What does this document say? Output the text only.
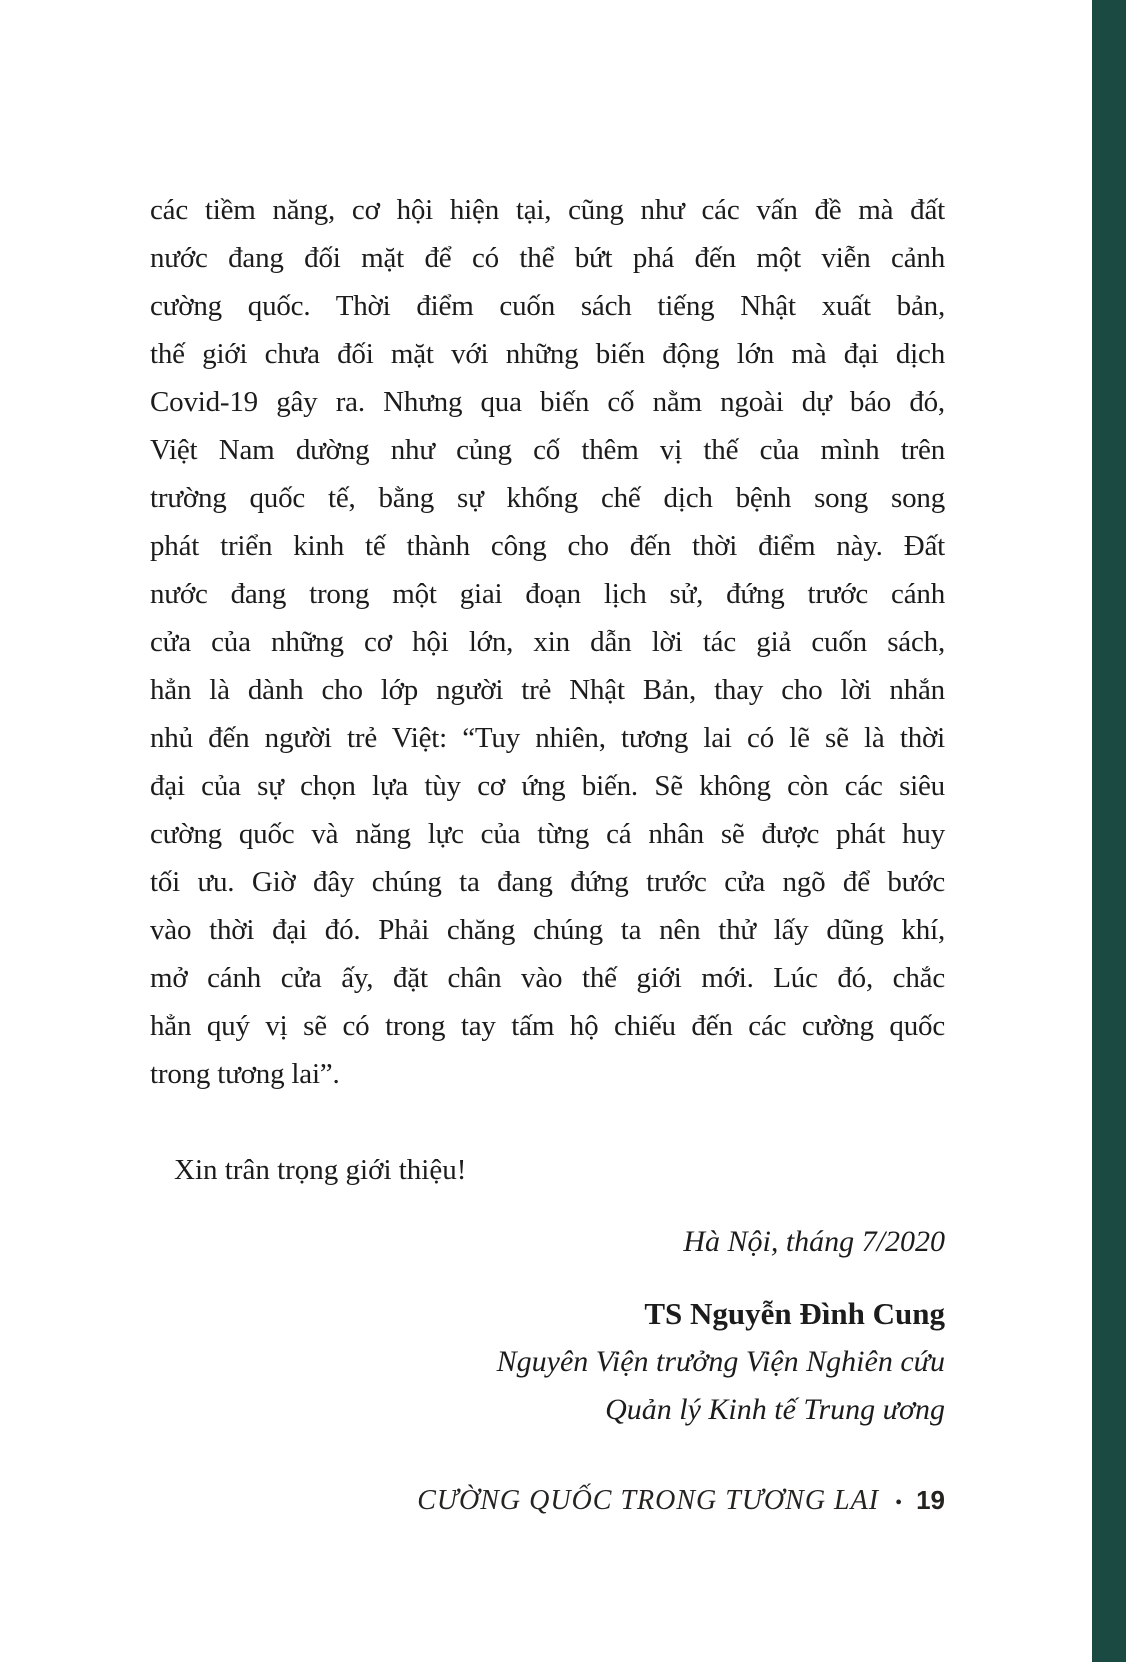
các tiềm năng, cơ hội hiện tại, cũng như các vấn đề mà đất
nước đang đối mặt để có thể bứt phá đến một viễn cảnh
cường quốc. Thời điểm cuốn sách tiếng Nhật xuất bản,
thế giới chưa đối mặt với những biến động lớn mà đại dịch
Covid-19 gây ra. Nhưng qua biến cố nằm ngoài dự báo đó,
Việt Nam dường như củng cố thêm vị thế của mình trên
trường quốc tế, bằng sự khống chế dịch bệnh song song
phát triển kinh tế thành công cho đến thời điểm này. Đất
nước đang trong một giai đoạn lịch sử, đứng trước cánh
cửa của những cơ hội lớn, xin dẫn lời tác giả cuốn sách,
hẳn là dành cho lớp người trẻ Nhật Bản, thay cho lời nhắn
nhủ đến người trẻ Việt: “Tuy nhiên, tương lai có lẽ sẽ là thời
đại của sự chọn lựa tùy cơ ứng biến. Sẽ không còn các siêu
cường quốc và năng lực của từng cá nhân sẽ được phát huy
tối ưu. Giờ đây chúng ta đang đứng trước cửa ngõ để bước
vào thời đại đó. Phải chăng chúng ta nên thử lấy dũng khí,
mở cánh cửa ấy, đặt chân vào thế giới mới. Lúc đó, chắc
hẳn quý vị sẽ có trong tay tấm hộ chiếu đến các cường quốc
trong tương lai”.
Xin trân trọng giới thiệu!
Hà Nội, tháng 7/2020
TS Nguyễn Đình Cung
Nguyên Viện trưởng Viện Nghiên cứu
Quản lý Kinh tế Trung ương
CƯỜNG QUỐC TRONG TƯƠNG LAI • 19
